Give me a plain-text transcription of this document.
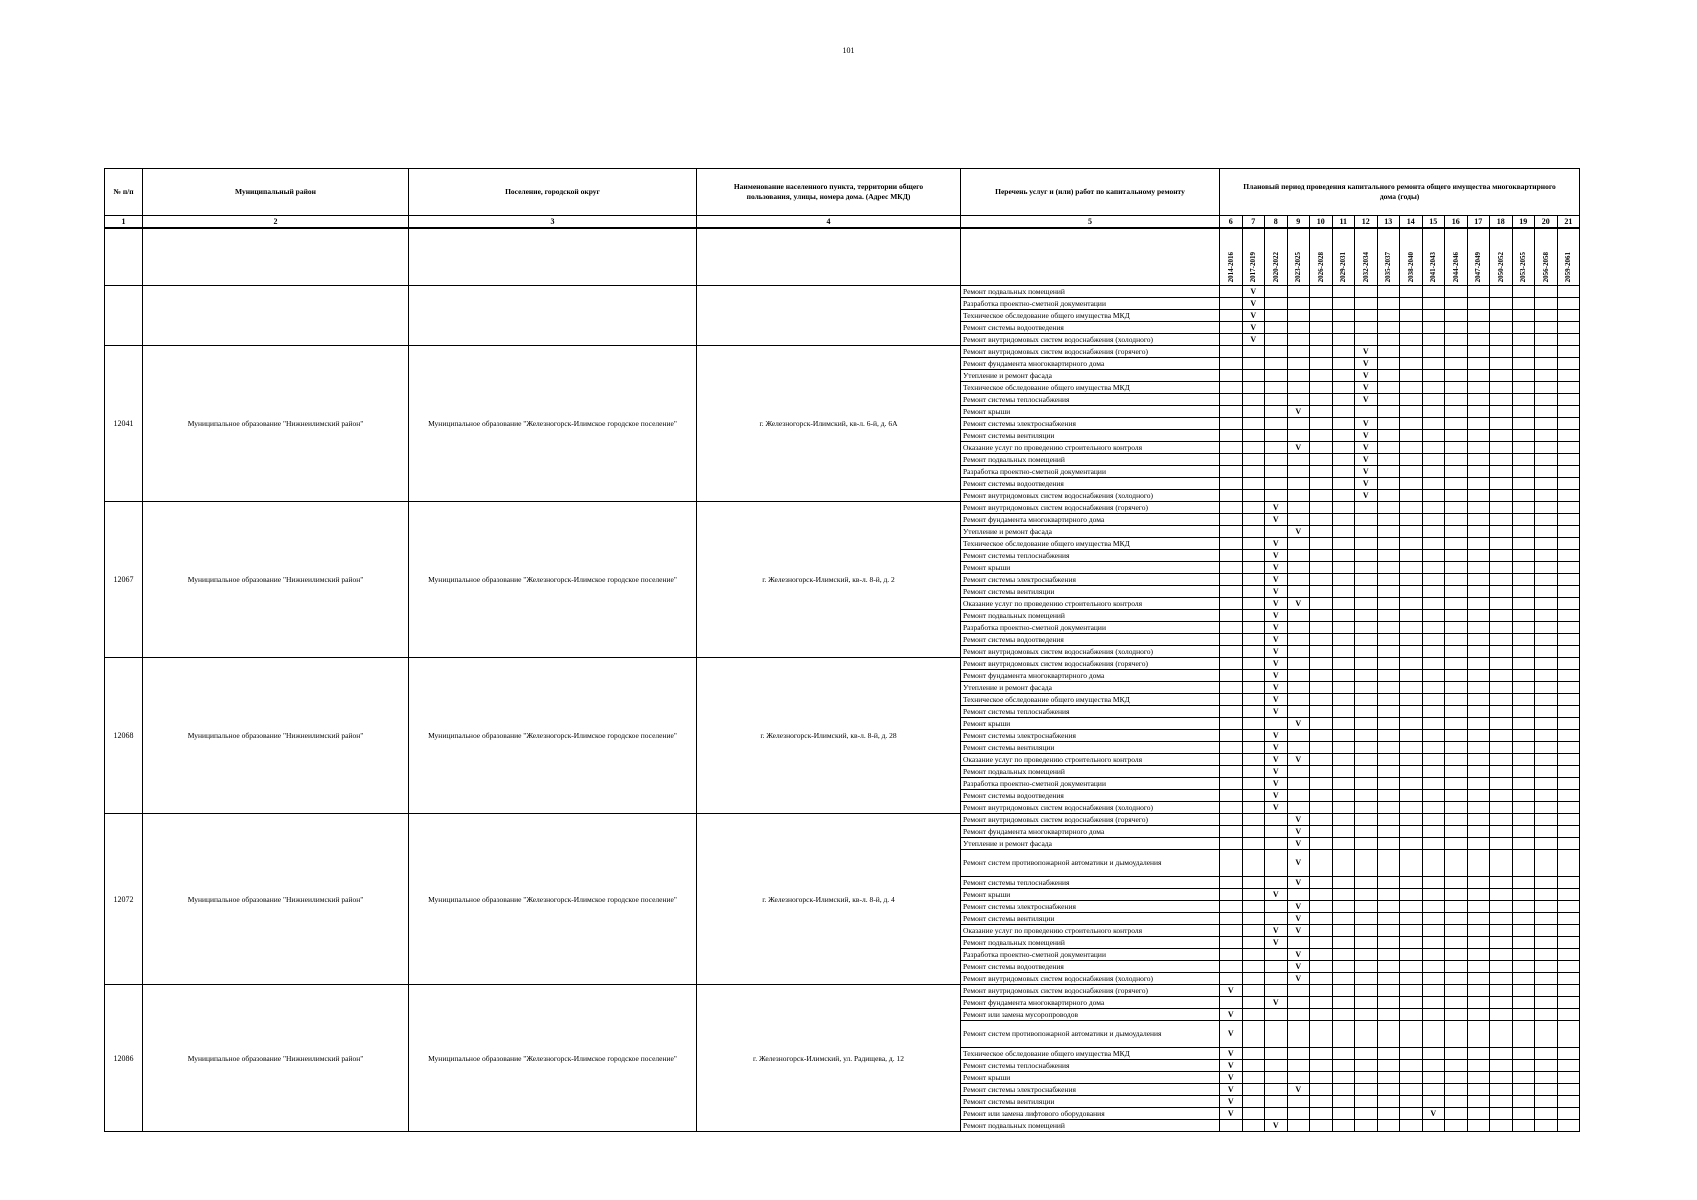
101
№ п/п	Муниципальный район	Поселение, городской округ	Наименование населенного пункта, территории общего пользования, улицы, номера дома. (Адрес МКД)	Перечень услуг и (или) работ по капитальному ремонту	Плановый период проведения капитального ремонта общего имущества многоквартирного дома (годы)															
1	2	3	4	5	6	7	8	9	10	11	12	13	14	15	16	17	18	19	20	21
					2014-2016	2017-2019	2020-2022	2023-2025	2026-2028	2029-2031	2032-2034	2035-2037	2038-2040	2041-2043	2044-2046	2047-2049	2050-2052	2053-2055	2056-2058	2059-2061
				Ремонт подвальных помещений		V														
				Разработка проектно-сметной документации		V														
				Техническое обследование общего имущества МКД		V														
				Ремонт системы водоотведения		V														
				Ремонт внутридомовых систем водоснабжения (холодного)		V														
12041	Муниципальное образование "Нижнеилимский район"	Муниципальное образование "Железногорск-Илимское городское поселение"	г. Железногорск-Илимский, кв-л. 6-й, д. 6А	Ремонт внутридомовых систем водоснабжения (горячего)							V									
				Ремонт фундамента многоквартирного дома							V									
				Утепление и ремонт фасада							V									
				Техническое обследование общего имущества МКД							V									
				Ремонт системы теплоснабжения							V									
				Ремонт крыши				V												
				Ремонт системы электроснабжения							V									
				Ремонт системы вентиляции							V									
				Оказание услуг по проведению строительного контроля				V			V									
				Ремонт подвальных помещений							V									
				Разработка проектно-сметной документации							V									
				Ремонт системы водоотведения							V									
				Ремонт внутридомовых систем водоснабжения (холодного)							V									
12067	Муниципальное образование "Нижнеилимский район"	Муниципальное образование "Железногорск-Илимское городское поселение"	г. Железногорск-Илимский, кв-л. 8-й, д. 2	Ремонт внутридомовых систем водоснабжения (горячего)			V													
				Ремонт фундамента многоквартирного дома			V													
				Утепление и ремонт фасада				V												
				Техническое обследование общего имущества МКД			V													
				Ремонт системы теплоснабжения			V													
				Ремонт крыши			V													
				Ремонт системы электроснабжения			V													
				Ремонт системы вентиляции			V													
				Оказание услуг по проведению строительного контроля			V	V												
				Ремонт подвальных помещений			V													
				Разработка проектно-сметной документации			V													
				Ремонт системы водоотведения			V													
				Ремонт внутридомовых систем водоснабжения (холодного)			V													
12068	Муниципальное образование "Нижнеилимский район"	Муниципальное образование "Железногорск-Илимское городское поселение"	г. Железногорск-Илимский, кв-л. 8-й, д. 28	Ремонт внутридомовых систем водоснабжения (горячего)			V													
				Ремонт фундамента многоквартирного дома			V													
				Утепление и ремонт фасада			V													
				Техническое обследование общего имущества МКД			V													
				Ремонт системы теплоснабжения			V													
				Ремонт крыши				V												
				Ремонт системы электроснабжения			V													
				Ремонт системы вентиляции			V													
				Оказание услуг по проведению строительного контроля			V	V												
				Ремонт подвальных помещений			V													
				Разработка проектно-сметной документации			V													
				Ремонт системы водоотведения			V													
				Ремонт внутридомовых систем водоснабжения (холодного)			V													
12072	Муниципальное образование "Нижнеилимский район"	Муниципальное образование "Железногорск-Илимское городское поселение"	г. Железногорск-Илимский, кв-л. 8-й, д. 4	Ремонт внутридомовых систем водоснабжения (горячего)				V												
				Ремонт фундамента многоквартирного дома				V												
				Утепление и ремонт фасада				V												
				Ремонт систем противопожарной автоматики и дымоудаления				V												
				Ремонт системы теплоснабжения				V												
				Ремонт крыши			V													
				Ремонт системы электроснабжения				V												
				Ремонт системы вентиляции				V												
				Оказание услуг по проведению строительного контроля			V	V												
				Ремонт подвальных помещений			V													
				Разработка проектно-сметной документации				V												
				Ремонт системы водоотведения				V												
				Ремонт внутридомовых систем водоснабжения (холодного)				V												
12086	Муниципальное образование "Нижнеилимский район"	Муниципальное образование "Железногорск-Илимское городское поселение"	г. Железногорск-Илимский, ул. Радищева, д. 12	Ремонт внутридомовых систем водоснабжения (горячего)	V															
				Ремонт фундамента многоквартирного дома			V													
				Ремонт или замена мусоропроводов	V															
				Ремонт систем противопожарной автоматики и дымоудаления	V															
				Техническое обследование общего имущества МКД	V															
				Ремонт системы теплоснабжения	V															
				Ремонт крыши	V															
				Ремонт системы электроснабжения	V			V												
				Ремонт системы вентиляции	V															
				Ремонт или замена лифтового оборудования	V									V						
				Ремонт подвальных помещений			V													
